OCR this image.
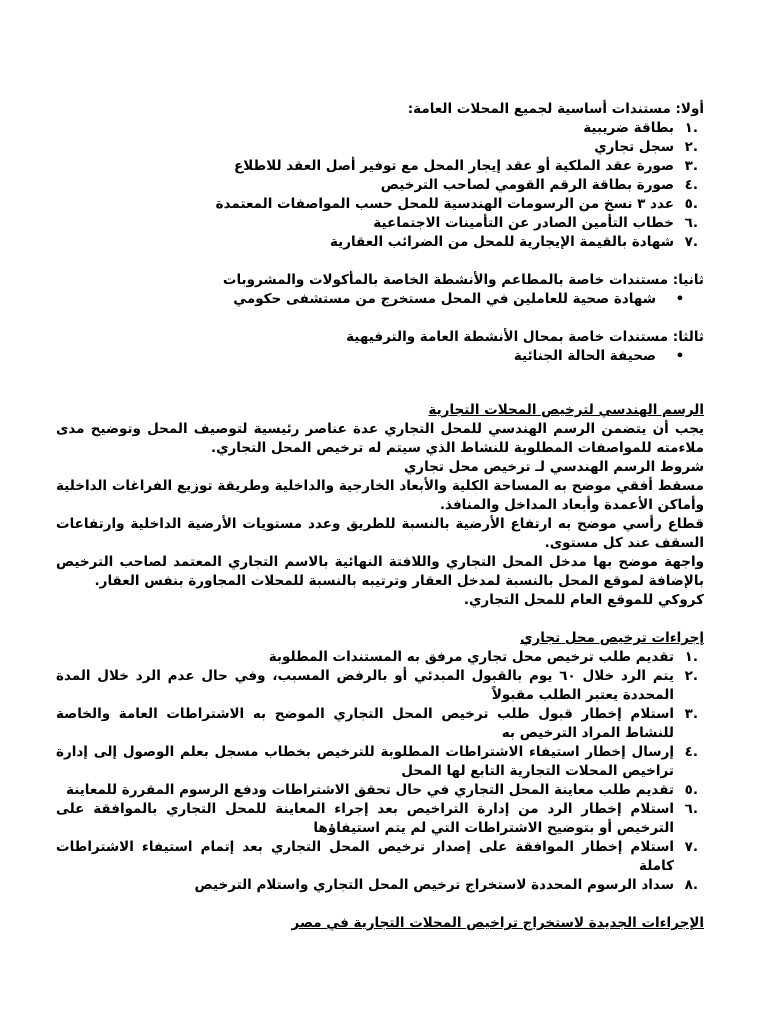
أولا: مستندات أساسية لجميع المحلات العامة:

.١
بطاقة ضريبية
.٢
سجل تجاري
.٣
صورة عقد الملكية أو عقد إيجار المحل مع توفير أصل العقد للاطلاع
.٤
صورة بطاقة الرقم القومي لصاحب الترخيص
.٥
عدد ٣ نسخ من الرسومات الهندسية للمحل حسب المواصفات المعتمدة
.٦
خطاب التأمين الصادر عن التأمينات الاجتماعية
.٧
شهادة بالقيمة الإيجارية للمحل من الضرائب العقارية

ثانيا: مستندات خاصة بالمطاعم والأنشطة الخاصة بالمأكولات والمشروبات

•
شهادة صحية للعاملين في المحل مستخرج من مستشفى حكومي

ثالثا: مستندات خاصة بمحال الأنشطة العامة والترفيهية

•
صحيفة الحالة الجنائية

الرسم الهندسي لترخيص المحلات التجارية

يجب أن يتضمن الرسم الهندسي للمحل التجاري عدة عناصر رئيسية لتوصيف المحل وتوضيح مدى ملاءمته للمواصفات المطلوبة للنشاط الذي سيتم له ترخيص المحل التجاري.

شروط الرسم الهندسي لـ ترخيص محل تجاري

مسقط أفقي موضح به المساحة الكلية والأبعاد الخارجية والداخلية وطريقة توزيع الفراغات الداخلية وأماكن الأعمدة وأبعاد المداخل والمنافذ.

قطاع رأسي موضح به ارتفاع الأرضية بالنسبة للطريق وعدد مستويات الأرضية الداخلية وارتفاعات السقف عند كل مستوى.

واجهة موضح بها مدخل المحل التجاري واللافتة النهائية بالاسم التجاري المعتمد لصاحب الترخيص بالإضافة لموقع المحل بالنسبة لمدخل العقار وترتيبه بالنسبة للمحلات المجاورة بنفس العقار.

كروكي للموقع العام للمحل التجاري.

إجراءات ترخيص محل تجاري

.١
تقديم طلب ترخيص محل تجاري مرفق به المستندات المطلوبة
.٢
يتم الرد خلال ٦٠ يوم بالقبول المبدئي أو بالرفض المسبب، وفي حال عدم الرد خلال المدة المحددة يعتبر الطلب مقبولاً
.٣
استلام إخطار قبول طلب ترخيص المحل التجاري الموضح به الاشتراطات العامة والخاصة للنشاط المراد الترخيص به
.٤
إرسال إخطار استيفاء الاشتراطات المطلوبة للترخيص بخطاب مسجل بعلم الوصول إلى إدارة تراخيص المحلات التجارية التابع لها المحل
.٥
تقديم طلب معاينة المحل التجاري في حال تحقق الاشتراطات ودفع الرسوم المقررة للمعاينة
.٦
استلام إخطار الرد من إدارة التراخيص بعد إجراء المعاينة للمحل التجاري بالموافقة على الترخيص أو بتوضيح الاشتراطات التي لم يتم استيفاؤها
.٧
استلام إخطار الموافقة على إصدار ترخيص المحل التجاري بعد إتمام استيفاء الاشتراطات كاملة
.٨
سداد الرسوم المحددة لاستخراج ترخيص المحل التجاري واستلام الترخيص

الإجراءات الجديدة لاستخراج تراخيص المحلات التجارية في مصر
